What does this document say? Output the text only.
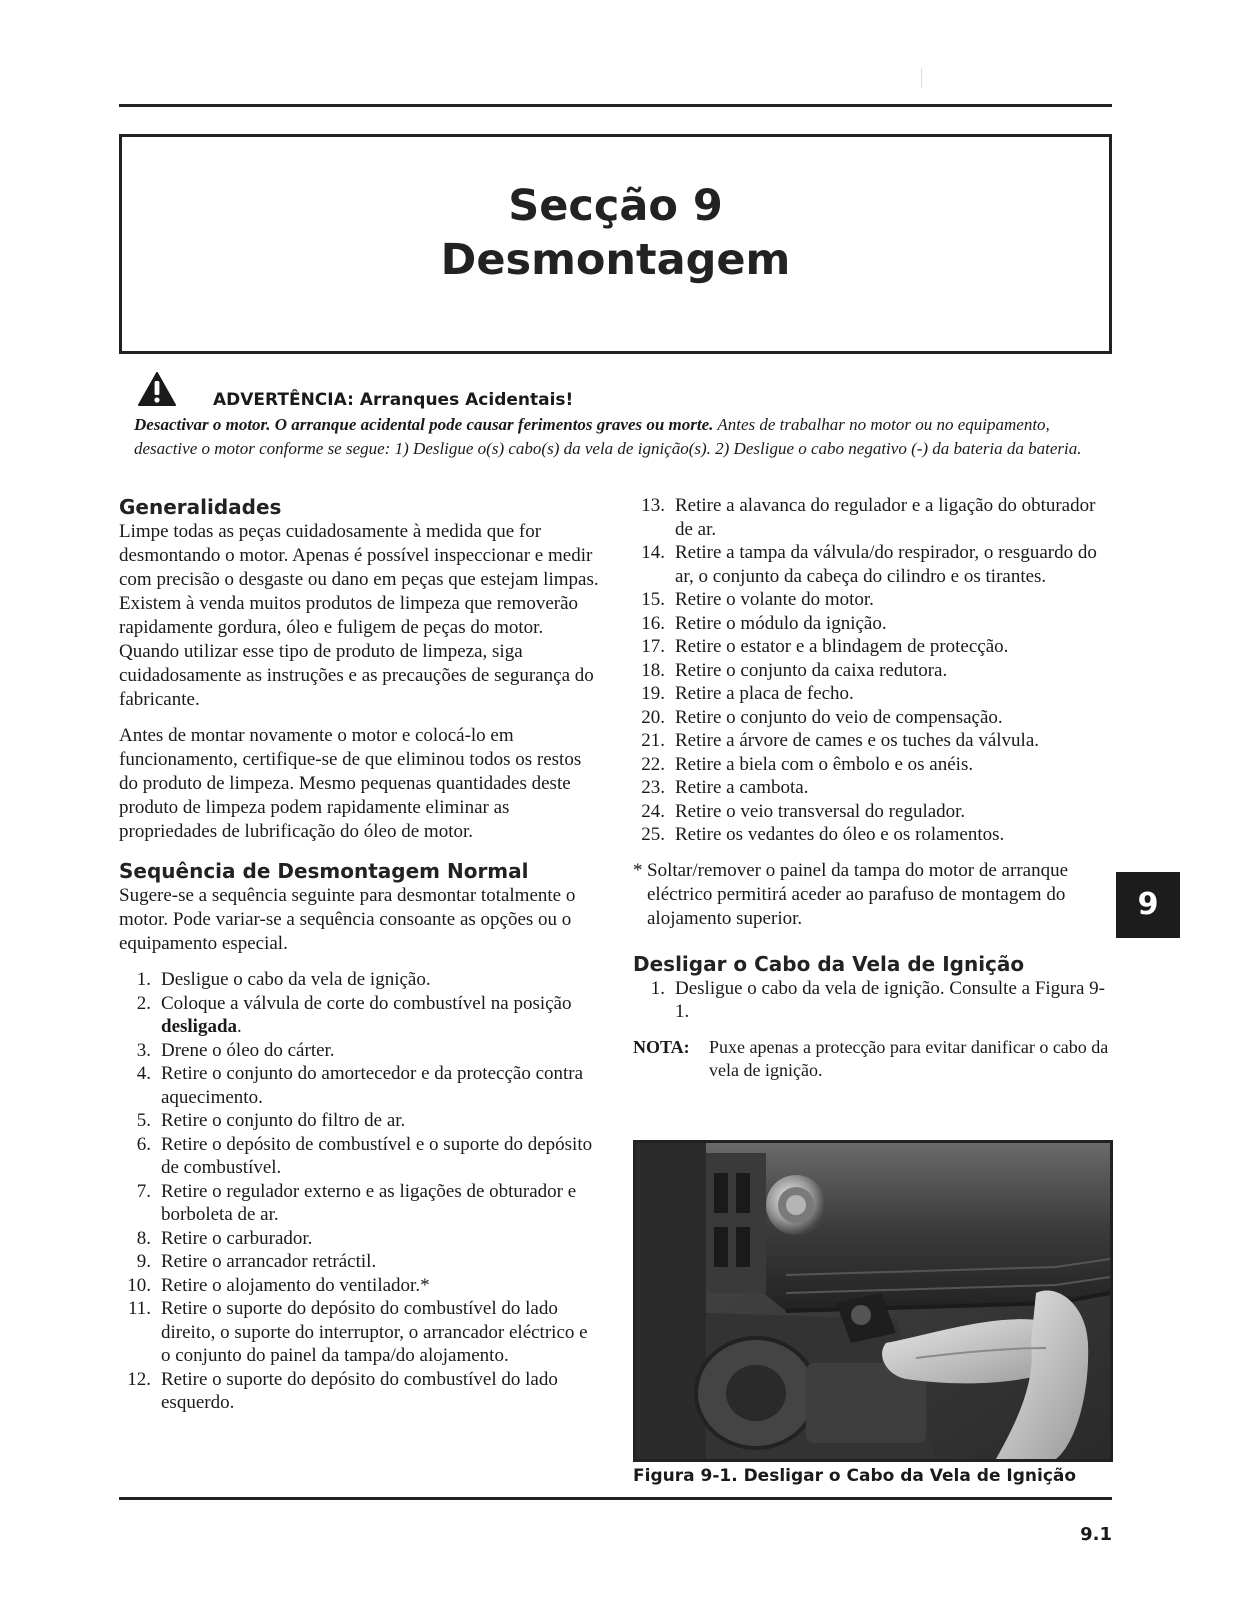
Secção 9
Desmontagem
ADVERTÊNCIA: Arranques Acidentais!
Desactivar o motor. O arranque acidental pode causar ferimentos graves ou morte. Antes de trabalhar no motor ou no equipamento, desactive o motor conforme se segue: 1) Desligue o(s) cabo(s) da vela de ignição(s). 2) Desligue o cabo negativo (-) da bateria da bateria.
Generalidades

Limpe todas as peças cuidadosamente à medida que for desmontando o motor. Apenas é possível inspeccionar e medir com precisão o desgaste ou dano em peças que estejam limpas. Existem à venda muitos produtos de limpeza que removerão rapidamente gordura, óleo e fuligem de peças do motor. Quando utilizar esse tipo de produto de limpeza, siga cuidadosamente as instruções e as precauções de segurança do fabricante.

Antes de montar novamente o motor e colocá-lo em funcionamento, certifique-se de que eliminou todos os restos do produto de limpeza. Mesmo pequenas quantidades deste produto de limpeza podem rapidamente eliminar as propriedades de lubrificação do óleo de motor.

Sequência de Desmontagem Normal

Sugere-se a sequência seguinte para desmontar totalmente o motor. Pode variar-se a sequência consoante as opções ou o equipamento especial.

1. Desligue o cabo da vela de ignição.
2. Coloque a válvula de corte do combustível na posição desligada.
3. Drene o óleo do cárter.
4. Retire o conjunto do amortecedor e da protecção contra aquecimento.
5. Retire o conjunto do filtro de ar.
6. Retire o depósito de combustível e o suporte do depósito de combustível.
7. Retire o regulador externo e as ligações de obturador e borboleta de ar.
8. Retire o carburador.
9. Retire o arrancador retráctil.
10. Retire o alojamento do ventilador.*
11. Retire o suporte do depósito do combustível do lado direito, o suporte do interruptor, o arrancador eléctrico e o conjunto do painel da tampa/do alojamento.
12. Retire o suporte do depósito do combustível do lado esquerdo.
13. Retire a alavanca do regulador e a ligação do obturador de ar.
14. Retire a tampa da válvula/do respirador, o resguardo do ar, o conjunto da cabeça do cilindro e os tirantes.
15. Retire o volante do motor.
16. Retire o módulo da ignição.
17. Retire o estator e a blindagem de protecção.
18. Retire o conjunto da caixa redutora.
19. Retire a placa de fecho.
20. Retire o conjunto do veio de compensação.
21. Retire a árvore de cames e os tuches da válvula.
22. Retire a biela com o êmbolo e os anéis.
23. Retire a cambota.
24. Retire o veio transversal do regulador.
25. Retire os vedantes do óleo e os rolamentos.
* Soltar/remover o painel da tampa do motor de arranque eléctrico permitirá aceder ao parafuso de montagem do alojamento superior.
Desligar o Cabo da Vela de Ignição
1. Desligue o cabo da vela de ignição. Consulte a Figura 9-1.
NOTA:	Puxe apenas a protecção para evitar danificar o cabo da vela de ignição.
Figura 9-1. Desligar o Cabo da Vela de Ignição
9
9.1
